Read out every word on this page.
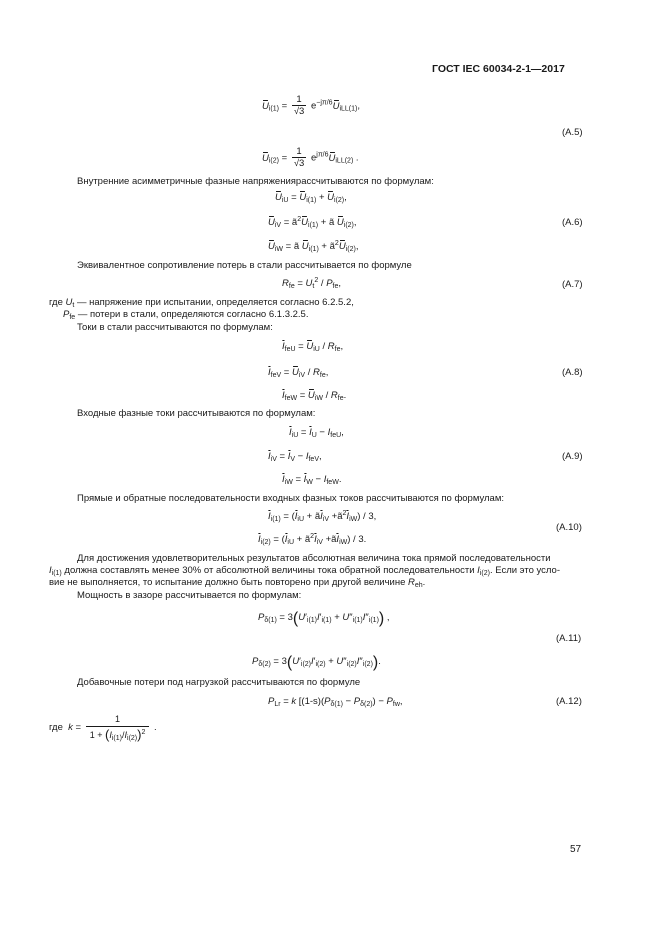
ГОСТ IEC 60034-2-1—2017
$U_{i(1)} = \frac{1}{√3} e^{-j\pi/6}U_{iLL(1)}$,
(A.5)
$U_{i(2)} = \frac{1}{√3} e^{j\pi/6}U_{iLL(2)}$ .
Внутренние асимметричные фазные напряжениярассчитываются по формулам:
$U_{iU} = U_{i(1)} + U_{i(2)}$,
$U_{iV}$ = $ã^2U_{i(1)}$ + ã $U_{i(2)}$,	(A.6)
$U_{iW}$ = ã $U_{i(1)}$ + $ã^2U_{i(2)}$,
Эквивалентное сопротивление потерь в стали рассчитывается по формуле
$R_{fe} = U_t^2 / P_{fe}$,	(A.7)
где $U_t$ — напряжение при испытании, определяется согласно 6.2.5.2,
$P_{fe}$ — потери в стали, определяются согласно 6.1.3.2.5.
Токи в стали рассчитываются по формулам:
$I_{feU} = U_{iU} / R_{fe}$,
$I_{feV} = U_{iV} / R_{fe}$,	(A.8)
$I_{feW} = U_{iW} / R_{fe}$.
Входные фазные токи рассчитываются по формулам:
$I_{iU} = I_U - I_{feU}$,
$I_{iV} = I_V - I_{feV}$,	(A.9)
$I_{iW} = I_W - I_{feW}$.
Прямые и обратные последовательности входных фазных токов рассчитываются по формулам:
$I_{i(1)} = (I_{iU}$ + $ãI_{iV}$ $+ã^2I_{iW}) / 3$,
(A.10)
$I_{i(2)} = (I_{iU}$ + $ã^2I_{iV}$ $+ãI_{iW}) / 3$.
Для достижения удовлетворительных результатов абсолютная величина тока прямой последовательности
$I_{i(1)}$ должна составлять менее 30% от абсолютной величины тока обратной последовательности $I_{i(2)}$. Если это усло-
вие не выполняется, то испытание должно быть повторено при другой величине $R_{eh}$.
Мощность в зазоре рассчитывается по формулам:
$P_{\delta(1)} = 3(U'_{i(1)}I'_{i(1)} + U''_{i(1)}I''_{i(1)})$ ,
(A.11)
$P_{\delta(2)} = 3(U'_{i(2)}I'_{i(2)} + U''_{i(2)}I''_{i(2)})$.
Добавочные потери под нагрузкой рассчитываются по формуле
$P_{Lr} = k$ [$(1-s)(P_{\delta(1)} - P_{\delta(2)}) - P_{fw}$,	(A.12)
где $k = \frac{1}{1 + (I_{i(1)}/I_{i(2)})^2}$ .
57
